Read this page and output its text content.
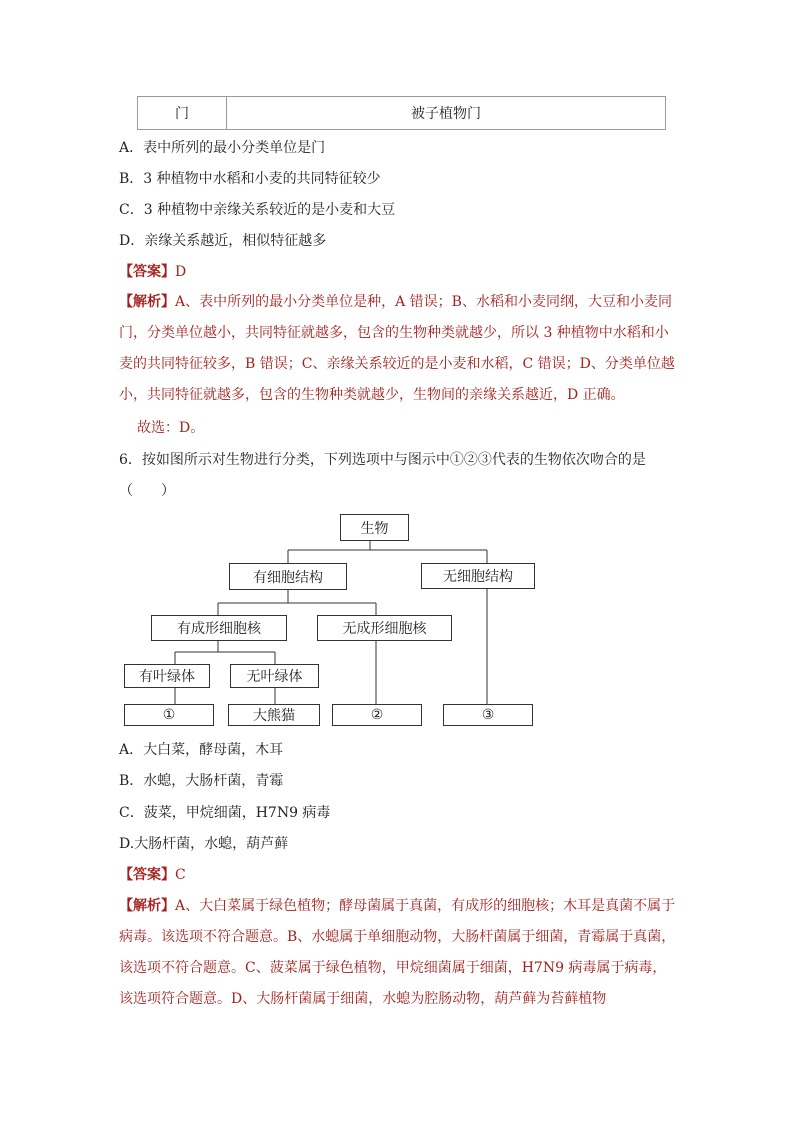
门	被子植物门
A．表中所列的最小分类单位是门
B．3 种植物中水稻和小麦的共同特征较少
C．3 种植物中亲缘关系较近的是小麦和大豆
D．亲缘关系越近，相似特征越多
【答案】D
【解析】A、表中所列的最小分类单位是种，A 错误；B、水稻和小麦同纲，大豆和小麦同门，分类单位越小，共同特征就越多，包含的生物种类就越少，所以 3 种植物中水稻和小麦的共同特征较多，B 错误；C、亲缘关系较近的是小麦和水稻，C 错误；D、分类单位越小，共同特征就越多，包含的生物种类就越少，生物间的亲缘关系越近，D 正确。
故选：D。
6．按如图所示对生物进行分类，下列选项中与图示中①②③代表的生物依次吻合的是
（　　）
生物
有细胞结构	无细胞结构
有成形细胞核	无成形细胞核
有叶绿体	无叶绿体
①	大熊猫	②	③
A．大白菜，酵母菌，木耳
B．水螅，大肠杆菌，青霉
C．菠菜，甲烷细菌，H7N9 病毒
D.大肠杆菌，水螅，葫芦藓
【答案】C
【解析】A、大白菜属于绿色植物；酵母菌属于真菌，有成形的细胞核；木耳是真菌不属于病毒。该选项不符合题意。B、水螅属于单细胞动物，大肠杆菌属于细菌，青霉属于真菌，该选项不符合题意。C、菠菜属于绿色植物，甲烷细菌属于细菌，H7N9 病毒属于病毒，该选项符合题意。D、大肠杆菌属于细菌，水螅为腔肠动物，葫芦藓为苔藓植物
